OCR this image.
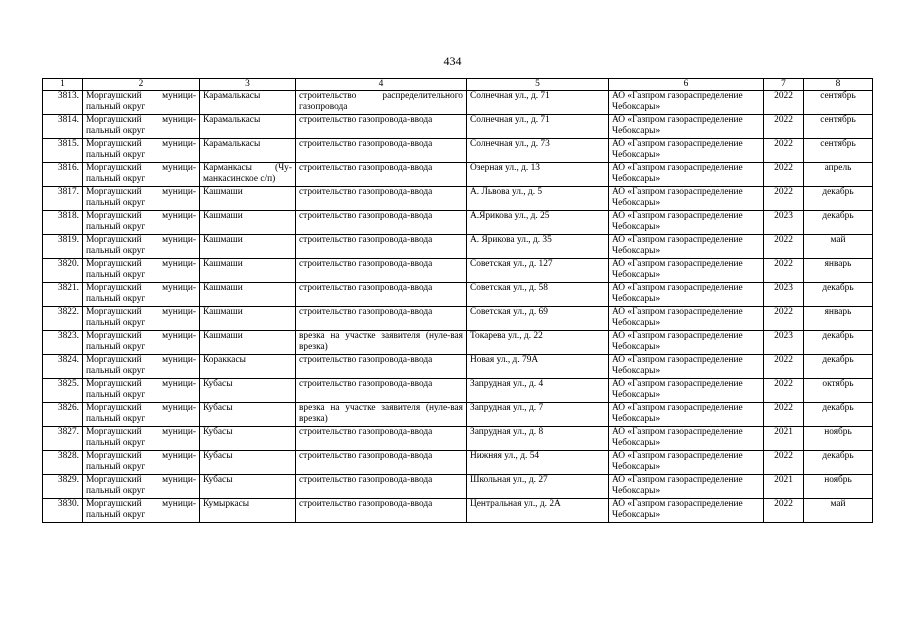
434
1	2	3	4	5	6	7	8
3813.	Моргаушский муници-пальный округ	Карамалькасы	строительство распределительного газопровода	Солнечная ул., д. 71	АО «Газпром газораспределение Чебоксары»	2022	сентябрь
3814.	Моргаушский муници-пальный округ	Карамалькасы	строительство газопровода-ввода	Солнечная ул., д. 71	АО «Газпром газораспределение Чебоксары»	2022	сентябрь
3815.	Моргаушский муници-пальный округ	Карамалькасы	строительство газопровода-ввода	Солнечная ул., д. 73	АО «Газпром газораспределение Чебоксары»	2022	сентябрь
3816.	Моргаушский муници-пальный округ	Карманкасы (Чу-манкасинское с/п)	строительство газопровода-ввода	Озерная ул., д. 13	АО «Газпром газораспределение Чебоксары»	2022	апрель
3817.	Моргаушский муници-пальный округ	Кашмаши	строительство газопровода-ввода	А. Львова ул., д. 5	АО «Газпром газораспределение Чебоксары»	2022	декабрь
3818.	Моргаушский муници-пальный округ	Кашмаши	строительство газопровода-ввода	А.Ярикова ул., д. 25	АО «Газпром газораспределение Чебоксары»	2023	декабрь
3819.	Моргаушский муници-пальный округ	Кашмаши	строительство газопровода-ввода	А. Ярикова ул., д. 35	АО «Газпром газораспределение Чебоксары»	2022	май
3820.	Моргаушский муници-пальный округ	Кашмаши	строительство газопровода-ввода	Советская ул., д. 127	АО «Газпром газораспределение Чебоксары»	2022	январь
3821.	Моргаушский муници-пальный округ	Кашмаши	строительство газопровода-ввода	Советская ул., д. 58	АО «Газпром газораспределение Чебоксары»	2023	декабрь
3822.	Моргаушский муници-пальный округ	Кашмаши	строительство газопровода-ввода	Советская ул., д. 69	АО «Газпром газораспределение Чебоксары»	2022	январь
3823.	Моргаушский муници-пальный округ	Кашмаши	врезка на участке заявителя (нуле-вая врезка)	Токарева ул., д. 22	АО «Газпром газораспределение Чебоксары»	2023	декабрь
3824.	Моргаушский муници-пальный округ	Кораккасы	строительство газопровода-ввода	Новая ул., д. 79А	АО «Газпром газораспределение Чебоксары»	2022	декабрь
3825.	Моргаушский муници-пальный округ	Кубасы	строительство газопровода-ввода	Запрудная ул., д. 4	АО «Газпром газораспределение Чебоксары»	2022	октябрь
3826.	Моргаушский муници-пальный округ	Кубасы	врезка на участке заявителя (нуле-вая врезка)	Запрудная ул., д. 7	АО «Газпром газораспределение Чебоксары»	2022	декабрь
3827.	Моргаушский муници-пальный округ	Кубасы	строительство газопровода-ввода	Запрудная ул., д. 8	АО «Газпром газораспределение Чебоксары»	2021	ноябрь
3828.	Моргаушский муници-пальный округ	Кубасы	строительство газопровода-ввода	Нижняя ул., д. 54	АО «Газпром газораспределение Чебоксары»	2022	декабрь
3829.	Моргаушский муници-пальный округ	Кубасы	строительство газопровода-ввода	Школьная ул., д. 27	АО «Газпром газораспределение Чебоксары»	2021	ноябрь
3830.	Моргаушский муници-пальный округ	Кумыркасы	строительство газопровода-ввода	Центральная ул., д. 2А	АО «Газпром газораспределение Чебоксары»	2022	май
